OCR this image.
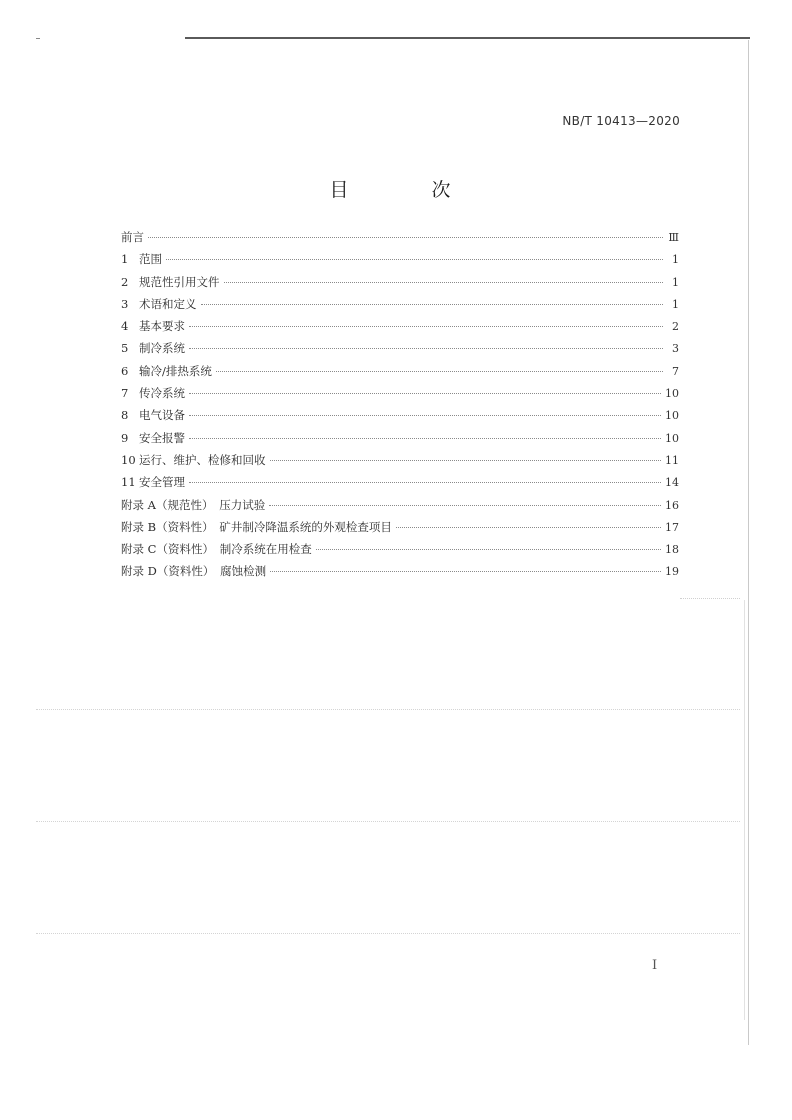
NB/T 10413—2020
目　次
前言	Ⅲ
1 范围	1
2 规范性引用文件	1
3 术语和定义	1
4 基本要求	2
5 制冷系统	3
6 输冷/排热系统	7
7 传冷系统	10
8 电气设备	10
9 安全报警	10
10 运行、维护、检修和回收	11
11 安全管理	14
附录 A（规范性）　压力试验	16
附录 B（资料性）　矿井制冷降温系统的外观检查项目	17
附录 C（资料性）　制冷系统在用检查	18
附录 D（资料性）　腐蚀检测	19
I
